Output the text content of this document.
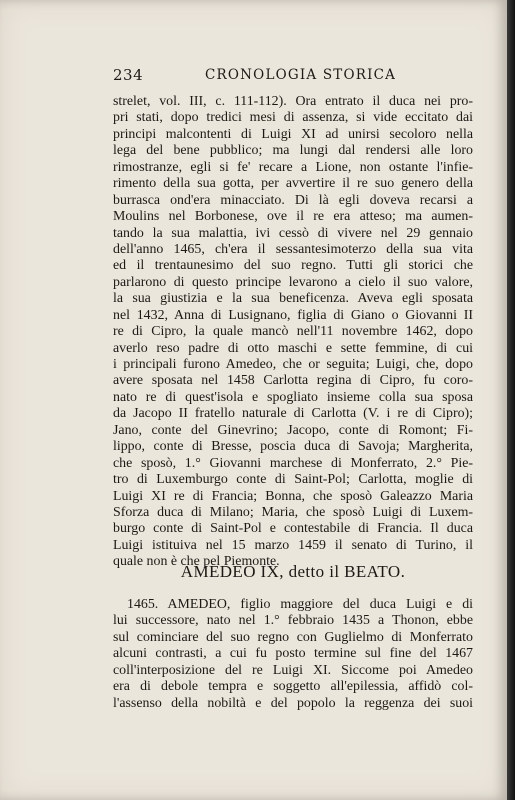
234	CRONOLOGIA STORICA
strelet, vol. III, c. 111-112). Ora entrato il duca nei pro-
pri stati, dopo tredici mesi di assenza, si vide eccitato dai
principi malcontenti di Luigi XI ad unirsi secoloro nella
lega del bene pubblico; ma lungi dal rendersi alle loro
rimostranze, egli si fe' recare a Lione, non ostante l'infie-
rimento della sua gotta, per avvertire il re suo genero della
burrasca ond'era minacciato. Di là egli doveva recarsi a
Moulins nel Borbonese, ove il re era atteso; ma aumen-
tando la sua malattia, ivi cessò di vivere nel 29 gennaio
dell'anno 1465, ch'era il sessantesimoterzo della sua vita
ed il trentaunesimo del suo regno. Tutti gli storici che
parlarono di questo principe levarono a cielo il suo valore,
la sua giustizia e la sua beneficenza. Aveva egli sposata
nel 1432, Anna di Lusignano, figlia di Giano o Giovanni II
re di Cipro, la quale mancò nell'11 novembre 1462, dopo
averlo reso padre di otto maschi e sette femmine, di cui
i principali furono Amedeo, che or seguita; Luigi, che, dopo
avere sposata nel 1458 Carlotta regina di Cipro, fu coro-
nato re di quest'isola e spogliato insieme colla sua sposa
da Jacopo II fratello naturale di Carlotta (V. i re di Cipro);
Jano, conte del Ginevrino; Jacopo, conte di Romont; Fi-
lippo, conte di Bresse, poscia duca di Savoja; Margherita,
che sposò, 1.° Giovanni marchese di Monferrato, 2.° Pie-
tro di Luxemburgo conte di Saint-Pol; Carlotta, moglie di
Luigi XI re di Francia; Bonna, che sposò Galeazzo Maria
Sforza duca di Milano; Maria, che sposò Luigi di Luxem-
burgo conte di Saint-Pol e contestabile di Francia. Il duca
Luigi istituiva nel 15 marzo 1459 il senato di Turino, il
quale non è che pel Piemonte.
AMEDEO IX, detto il BEATO.
1465. AMEDEO, figlio maggiore del duca Luigi e di
lui successore, nato nel 1.° febbraio 1435 a Thonon, ebbe
sul cominciare del suo regno con Guglielmo di Monferrato
alcuni contrasti, a cui fu posto termine sul fine del 1467
coll'interposizione del re Luigi XI. Siccome poi Amedeo
era di debole tempra e soggetto all'epilessia, affidò col-
l'assenso della nobiltà e del popolo la reggenza dei suoi
